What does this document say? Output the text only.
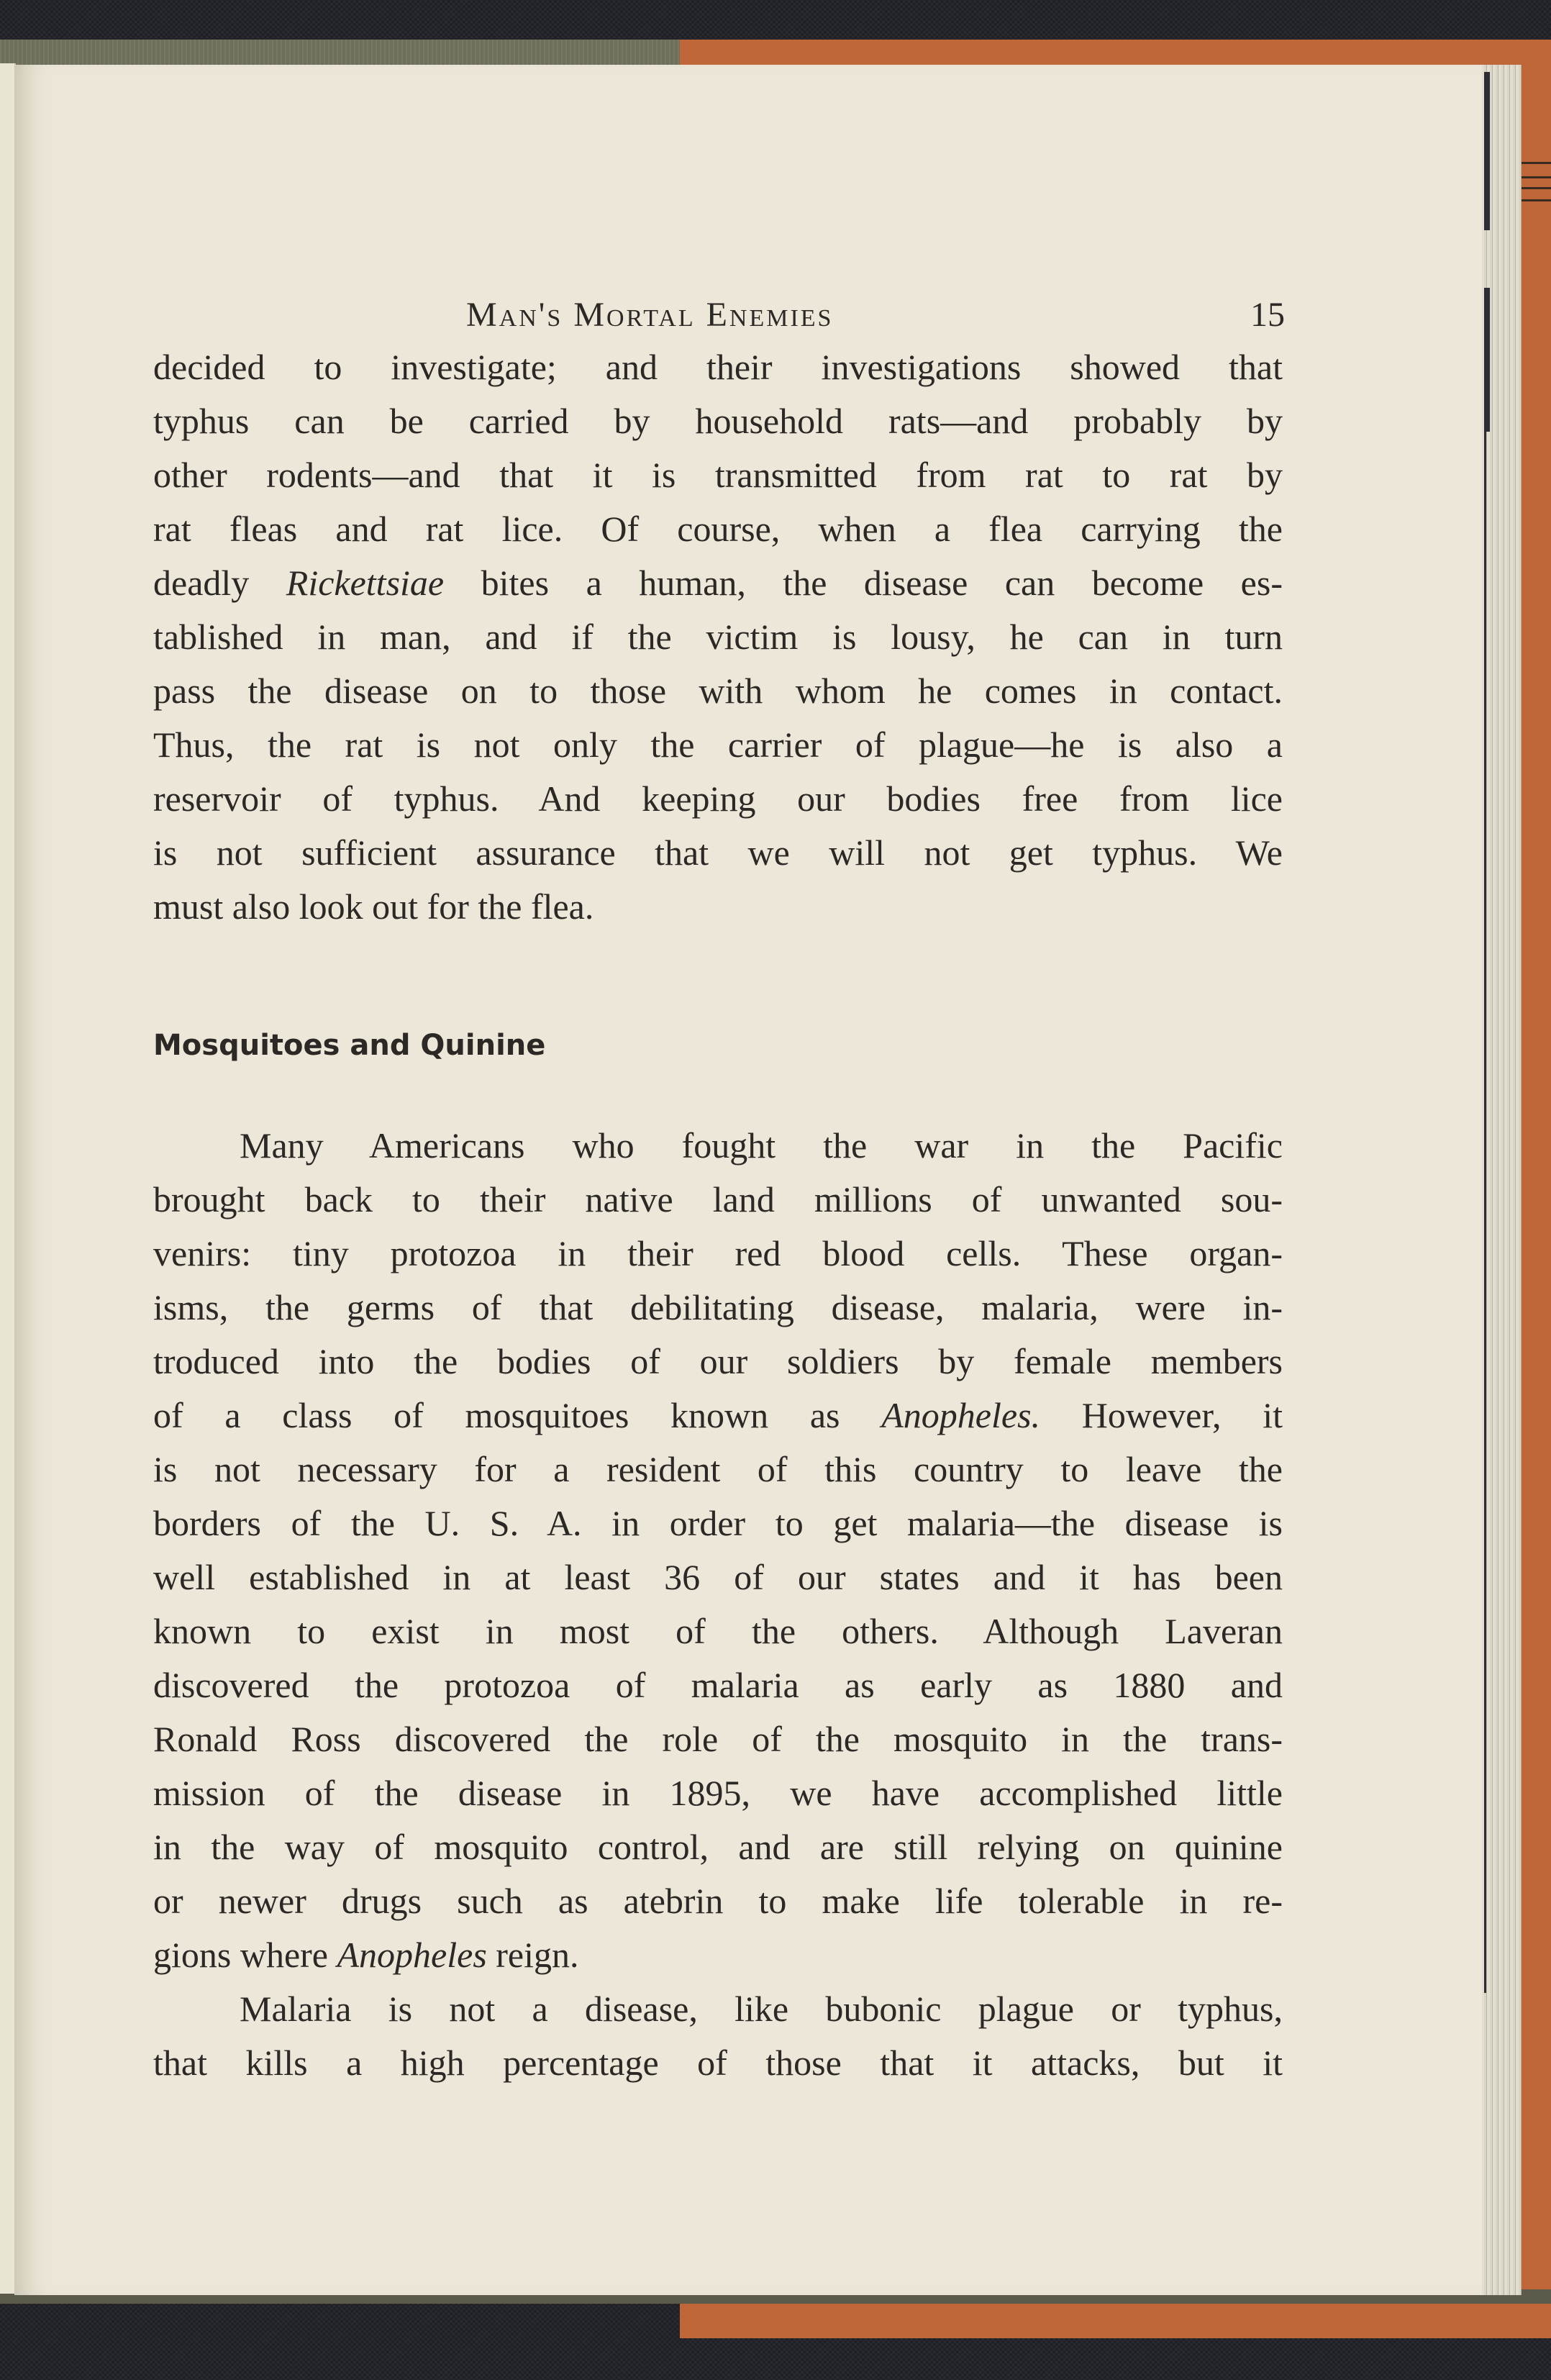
Man's Mortal Enemies	15
decided to investigate; and their investigations showed that
typhus can be carried by household rats—and probably by
other rodents—and that it is transmitted from rat to rat by
rat fleas and rat lice. Of course, when a flea carrying the
deadly Rickettsiae bites a human, the disease can become es-
tablished in man, and if the victim is lousy, he can in turn
pass the disease on to those with whom he comes in contact.
Thus, the rat is not only the carrier of plague—he is also a
reservoir of typhus. And keeping our bodies free from lice
is not sufficient assurance that we will not get typhus. We
must also look out for the flea.
Mosquitoes and Quinine
Many Americans who fought the war in the Pacific
brought back to their native land millions of unwanted sou-
venirs: tiny protozoa in their red blood cells. These organ-
isms, the germs of that debilitating disease, malaria, were in-
troduced into the bodies of our soldiers by female members
of a class of mosquitoes known as Anopheles. However, it
is not necessary for a resident of this country to leave the
borders of the U. S. A. in order to get malaria—the disease is
well established in at least 36 of our states and it has been
known to exist in most of the others. Although Laveran
discovered the protozoa of malaria as early as 1880 and
Ronald Ross discovered the role of the mosquito in the trans-
mission of the disease in 1895, we have accomplished little
in the way of mosquito control, and are still relying on quinine
or newer drugs such as atebrin to make life tolerable in re-
gions where Anopheles reign.
Malaria is not a disease, like bubonic plague or typhus,
that kills a high percentage of those that it attacks, but it
